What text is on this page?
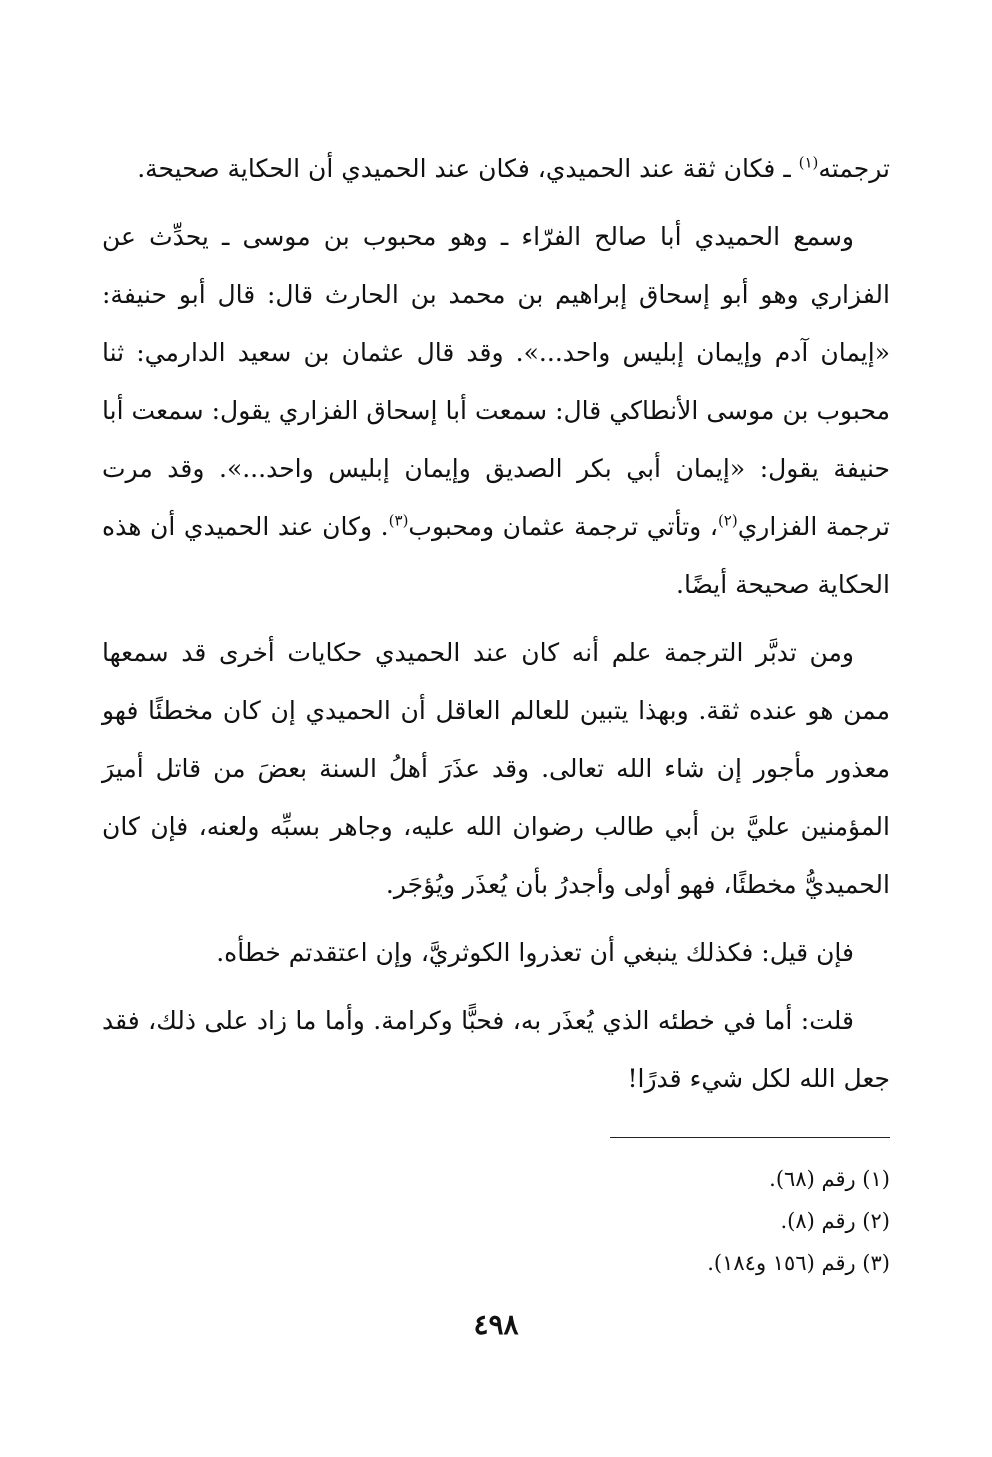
ترجمته$^{(١)}$ ـ فكان ثقة عند الحميدي، فكان عند الحميدي أن الحكاية صحيحة.

وسمع الحميدي أبا صالح الفرّاء ـ وهو محبوب بن موسى ـ يحدِّث عن الفزاري وهو أبو إسحاق إبراهيم بن محمد بن الحارث قال: قال أبو حنيفة: «إيمان آدم وإيمان إبليس واحد...». وقد قال عثمان بن سعيد الدارمي: ثنا محبوب بن موسى الأنطاكي قال: سمعت أبا إسحاق الفزاري يقول: سمعت أبا حنيفة يقول: «إيمان أبي بكر الصديق وإيمان إبليس واحد...». وقد مرت ترجمة الفزاري$^{(٢)}$، وتأتي ترجمة عثمان ومحبوب$^{(٣)}$. وكان عند الحميدي أن هذه الحكاية صحيحة أيضًا.

ومن تدبَّر الترجمة علم أنه كان عند الحميدي حكايات أخرى قد سمعها ممن هو عنده ثقة. وبهذا يتبين للعالم العاقل أن الحميدي إن كان مخطئًا فهو معذور مأجور إن شاء الله تعالى. وقد عذَرَ أهلُ السنة بعضَ من قاتل أميرَ المؤمنين عليَّ بن أبي طالب رضوان الله عليه، وجاهر بسبِّه ولعنه، فإن كان الحميديُّ مخطئًا، فهو أولى وأجدرُ بأن يُعذَر ويُؤجَر.

فإن قيل: فكذلك ينبغي أن تعذروا الكوثريَّ، وإن اعتقدتم خطأه.

قلت: أما في خطئه الذي يُعذَر به، فحبًّا وكرامة. وأما ما زاد على ذلك، فقد جعل الله لكل شيء قدرًا!

(١) رقم (٦٨).
(٢) رقم (٨).
(٣) رقم (١٥٦ و١٨٤).
٤٩٨
